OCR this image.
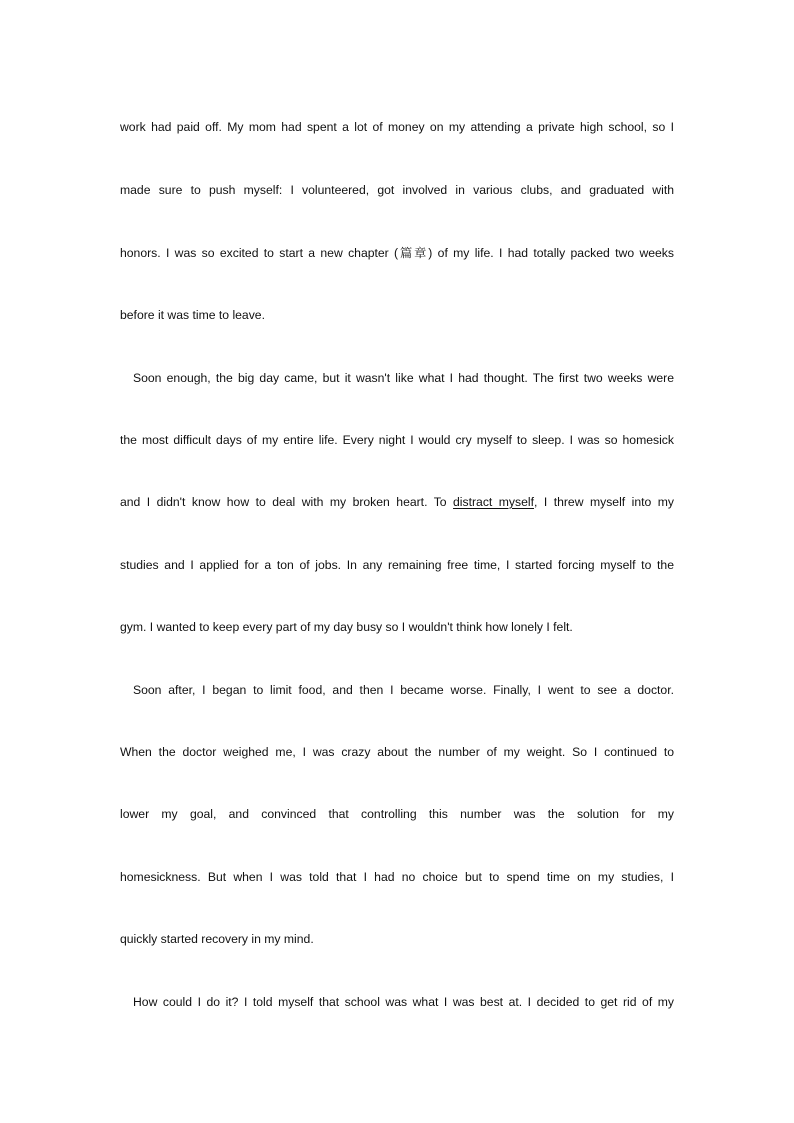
work had paid off. My mom had spent a lot of money on my attending a private high school, so I
made sure to push myself: I volunteered, got involved in various clubs, and graduated with
honors. I was so excited to start a new chapter (篇章) of my life. I had totally packed two weeks
before it was time to leave.
Soon enough, the big day came, but it wasn't like what I had thought. The first two weeks were
the most difficult days of my entire life. Every night I would cry myself to sleep. I was so homesick
and I didn't know how to deal with my broken heart. To distract myself, I threw myself into my
studies and I applied for a ton of jobs. In any remaining free time, I started forcing myself to the
gym. I wanted to keep every part of my day busy so I wouldn't think how lonely I felt.
Soon after, I began to limit food, and then I became worse. Finally, I went to see a doctor.
When the doctor weighed me, I was crazy about the number of my weight. So I continued to
lower my goal, and convinced that controlling this number was the solution for my
homesickness. But when I was told that I had no choice but to spend time on my studies, I
quickly started recovery in my mind.
How could I do it? I told myself that school was what I was best at. I decided to get rid of my
